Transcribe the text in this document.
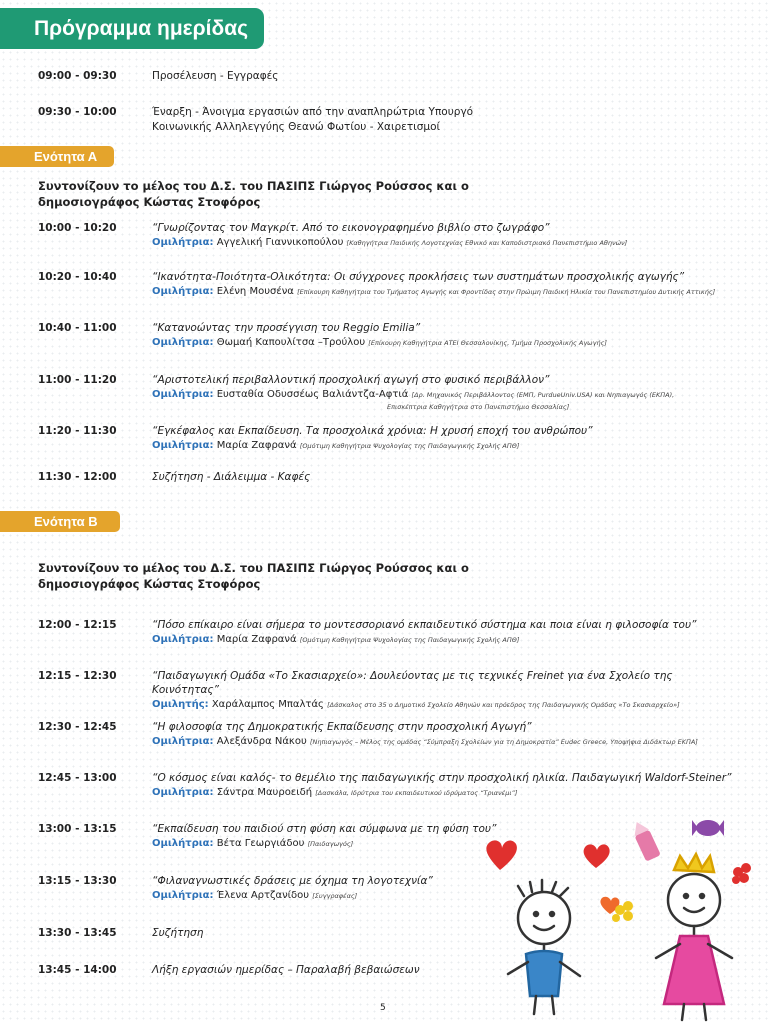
Πρόγραμμα ημερίδας
09:00 - 09:30	Προσέλευση - Εγγραφές
09:30 - 10:00	Έναρξη - Άνοιγμα εργασιών από την αναπληρώτρια Υπουργό Κοινωνικής Αλληλεγγύης Θεανώ Φωτίου - Χαιρετισμοί
Ενότητα Α
Συντονίζουν το μέλος του Δ.Σ. του ΠΑΣΙΠΣ Γιώργος Ρούσσος και ο δημοσιογράφος Κώστας Στοφόρος
10:00 - 10:20	“Γνωρίζοντας τον Μαγκρίτ. Από το εικονογραφημένο βιβλίο στο ζωγράφο”
Ομιλήτρια: Αγγελική Γιαννικοπούλου [Καθηγήτρια Παιδικής Λογοτεχνίας Εθνικό και Καποδιστριακό Πανεπιστήμιο Αθηνών]
10:20 - 10:40	“Ικανότητα-Ποιότητα-Ολικότητα: Οι σύγχρονες προκλήσεις των συστημάτων προσχολικής αγωγής”
Ομιλήτρια: Ελένη Μουσένα [Επίκουρη Καθηγήτρια του Τμήματος Αγωγής και Φροντίδας στην Πρώιμη Παιδική Ηλικία του Πανεπιστημίου Δυτικής Αττικής]
10:40 - 11:00	“Κατανοώντας την προσέγγιση του Reggio Emilia”
Ομιλήτρια: Θωμαή Καπουλίτσα –Τρούλου [Επίκουρη Καθηγήτρια ΑΤΕΙ Θεσσαλονίκης, Τμήμα Προσχολικής Αγωγής]
11:00 - 11:20	“Αριστοτελική περιβαλλοντική προσχολική αγωγή στο φυσικό περιβάλλον”
Ομιλήτρια: Ευσταθία Οδυσσέως Βαλιάντζα-Αφτιά [Δρ. Μηχανικός Περιβάλλοντος (ΕΜΠ, PurdueUniv.USA) και Νηπιαγωγός (ΕΚΠΑ),
Επισκέπτρια Καθηγήτρια στο Πανεπιστήμιο Θεσσαλίας]
11:20 - 11:30	“Εγκέφαλος και Εκπαίδευση. Τα προσχολικά χρόνια: Η χρυσή εποχή του ανθρώπου”
Ομιλήτρια: Μαρία Ζαφρανά [Ομότιμη Καθηγήτρια Ψυχολογίας της Παιδαγωγικής Σχολής ΑΠΘ]
11:30 - 12:00	Συζήτηση - Διάλειμμα - Καφές
Ενότητα Β
Συντονίζουν το μέλος του Δ.Σ. του ΠΑΣΙΠΣ Γιώργος Ρούσσος και ο δημοσιογράφος Κώστας Στοφόρος
12:00 - 12:15	“Πόσο επίκαιρο είναι σήμερα το μοντεσσοριανό εκπαιδευτικό σύστημα και ποια είναι η φιλοσοφία του”
Ομιλήτρια: Μαρία Ζαφρανά [Ομότιμη Καθηγήτρια Ψυχολογίας της Παιδαγωγικής Σχολής ΑΠΘ]
12:15 - 12:30	“Παιδαγωγική Ομάδα «Το Σκασιαρχείο»: Δουλεύοντας με τις τεχνικές Freinet για ένα Σχολείο της Κοινότητας”
Ομιλητής: Χαράλαμπος Μπαλτάς [Δάσκαλος στο 35 ο Δημοτικό Σχολείο Αθηνών και πρόεδρος της Παιδαγωγικής Ομάδας «Το Σκασιαρχείο»]
12:30 - 12:45	“Η φιλοσοφία της Δημοκρατικής Εκπαίδευσης στην προσχολική Αγωγή”
Ομιλήτρια: Αλεξάνδρα Νάκου [Νηπιαγωγός – Μέλος της ομάδας “Σύμπραξη Σχολείων για τη Δημοκρατία” Eudec Greece, Υποψήφια Διδάκτωρ ΕΚΠΑ]
12:45 - 13:00	“Ο κόσμος είναι καλός- το θεμέλιο της παιδαγωγικής στην προσχολική ηλικία. Παιδαγωγική Waldorf-Steiner”
Ομιλήτρια: Σάντρα Μαυροειδή [Δασκάλα, Ιδρύτρια του εκπαιδευτικού ιδρύματος “Τριανέμι”]
13:00 - 13:15	“Εκπαίδευση του παιδιού στη φύση και σύμφωνα με τη φύση του”
Ομιλήτρια: Βέτα Γεωργιάδου [Παιδαγωγός]
13:15 - 13:30	“Φιλαναγνωστικές δράσεις με όχημα τη λογοτεχνία”
Ομιλήτρια: Έλενα Αρτζανίδου [Συγγραφέας]
13:30 - 13:45	Συζήτηση
13:45 - 14:00	Λήξη εργασιών ημερίδας – Παραλαβή βεβαιώσεων
5
